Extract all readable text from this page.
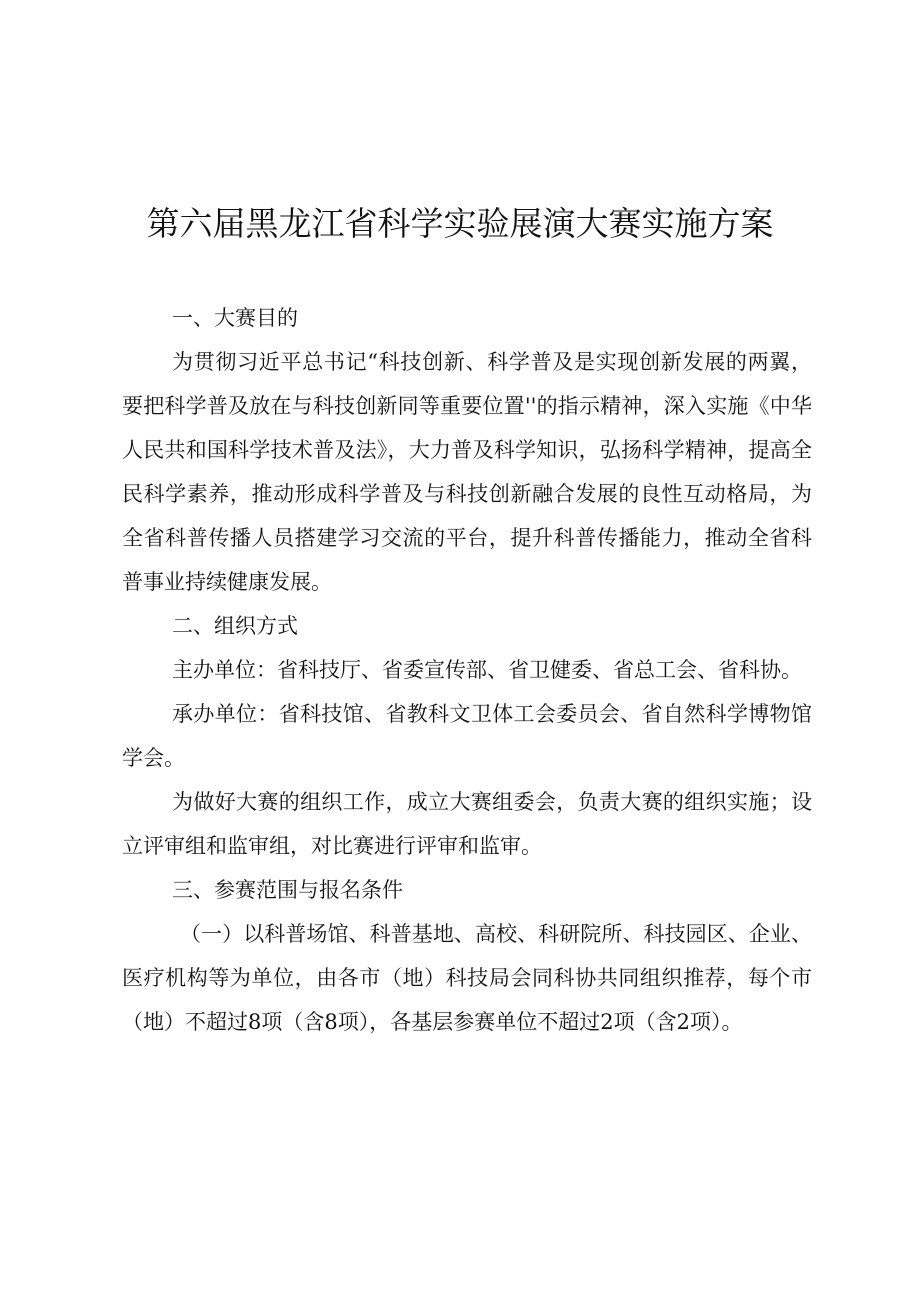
第六届黑龙江省科学实验展演大赛实施方案

一、大赛目的

为贯彻习近平总书记“科技创新、科学普及是实现创新发展的两翼，要把科学普及放在与科技创新同等重要位置''的指示精神，深入实施《中华人民共和国科学技术普及法》，大力普及科学知识，弘扬科学精神，提高全民科学素养，推动形成科学普及与科技创新融合发展的良性互动格局，为全省科普传播人员搭建学习交流的平台，提升科普传播能力，推动全省科普事业持续健康发展。

二、组织方式

主办单位：省科技厅、省委宣传部、省卫健委、省总工会、省科协。

承办单位：省科技馆、省教科文卫体工会委员会、省自然科学博物馆学会。

为做好大赛的组织工作，成立大赛组委会，负责大赛的组织实施；设立评审组和监审组，对比赛进行评审和监审。

三、参赛范围与报名条件

（一）以科普场馆、科普基地、高校、科研院所、科技园区、企业、医疗机构等为单位，由各市（地）科技局会同科协共同组织推荐，每个市（地）不超过8项（含8项），各基层参赛单位不超过2项（含2项）。
